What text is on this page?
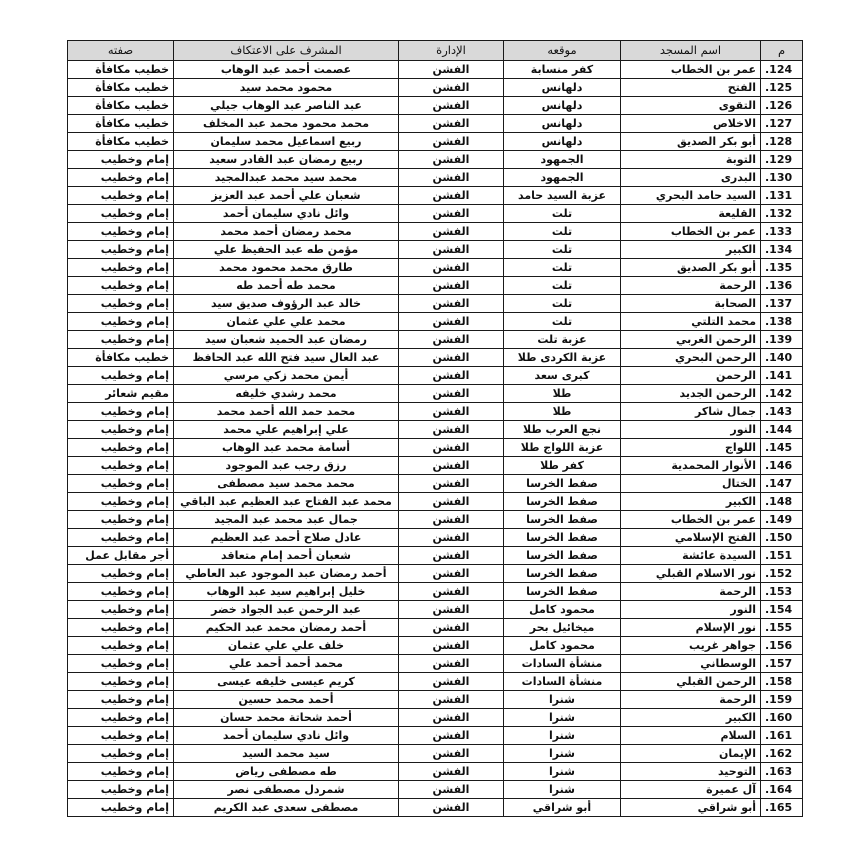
م	اسم المسجد	موقعه	الإدارة	المشرف على الاعتكاف	صفته
.124	عمر بن الخطاب	كفر منسابة	الفشن	عصمت أحمد عبد الوهاب	خطيب مكافأة
.125	الفتح	دلهانس	الفشن	محمود محمد سيد	خطيب مكافأة
.126	التقوى	دلهانس	الفشن	عبد الناصر عبد الوهاب جيلي	خطيب مكافأة
.127	الاخلاص	دلهانس	الفشن	محمد محمود محمد عبد المخلف	خطيب مكافأة
.128	أبو بكر الصديق	دلهانس	الفشن	ربيع اسماعيل محمد سليمان	خطيب مكافأة
.129	التوبة	الجمهود	الفشن	ربيع رمضان عبد القادر سعيد	إمام وخطيب
.130	البدرى	الجمهود	الفشن	محمد سيد محمد عبدالمجيد	إمام وخطيب
.131	السيد حامد البحري	عزبة السيد حامد	الفشن	شعبان علي أحمد عبد العزيز	إمام وخطيب
.132	القليعة	تلت	الفشن	وائل نادي سليمان أحمد	إمام وخطيب
.133	عمر بن الخطاب	تلت	الفشن	محمد رمضان أحمد محمد	إمام وخطيب
.134	الكبير	تلت	الفشن	مؤمن طه عبد الحفيظ علي	إمام وخطيب
.135	أبو بكر الصديق	تلت	الفشن	طارق محمد محمود محمد	إمام وخطيب
.136	الرحمة	تلت	الفشن	محمد طه أحمد طه	إمام وخطيب
.137	الصحابة	تلت	الفشن	خالد عبد الرؤوف صديق سيد	إمام وخطيب
.138	محمد التلتي	تلت	الفشن	محمد علي علي عثمان	إمام وخطيب
.139	الرحمن الغربي	عزبة تلت	الفشن	رمضان عبد الحميد شعبان سيد	إمام وخطيب
.140	الرحمن البحري	عزبة الكردى طلا	الفشن	عبد العال سيد فتح الله عبد الحافظ	خطيب مكافأة
.141	الرحمن	كبرى سعد	الفشن	أيمن محمد زكي مرسي	إمام وخطيب
.142	الرحمن الجديد	طلا	الفشن	محمد رشدي خليفه	مقيم شعائر
.143	جمال شاكر	طلا	الفشن	محمد حمد الله أحمد محمد	إمام وخطيب
.144	النور	نجع العرب طلا	الفشن	علي إبراهيم علي محمد	إمام وخطيب
.145	اللواج	عزبة اللواج طلا	الفشن	أسامة محمد عبد الوهاب	إمام وخطيب
.146	الأنوار المحمدية	كفر طلا	الفشن	رزق رجب عبد الموجود	إمام وخطيب
.147	الختال	صفط الخرسا	الفشن	محمد محمد سيد مصطفى	إمام وخطيب
.148	الكبير	صفط الخرسا	الفشن	محمد عبد الفتاح عبد العظيم عبد الباقي	إمام وخطيب
.149	عمر بن الخطاب	صفط الخرسا	الفشن	جمال عبد محمد عبد المجيد	إمام وخطيب
.150	الفتح الإسلامي	صفط الخرسا	الفشن	عادل صلاح أحمد عبد العظيم	إمام وخطيب
.151	السيدة عائشة	صفط الخرسا	الفشن	شعبان أحمد إمام متعاقد	أجر مقابل عمل
.152	نور الاسلام القبلي	صفط الخرسا	الفشن	أحمد رمضان عبد الموجود عبد العاطي	إمام وخطيب
.153	الرحمة	صفط الخرسا	الفشن	خليل إبراهيم سيد عبد الوهاب	إمام وخطيب
.154	النور	محمود كامل	الفشن	عبد الرحمن عبد الجواد خضر	إمام وخطيب
.155	نور الإسلام	ميخائيل بحر	الفشن	أحمد رمضان محمد عبد الحكيم	إمام وخطيب
.156	جواهر غريب	محمود كامل	الفشن	خلف علي علي عثمان	إمام وخطيب
.157	الوسطاني	منشأة السادات	الفشن	محمد أحمد أحمد علي	إمام وخطيب
.158	الرحمن القبلي	منشأة السادات	الفشن	كريم عيسى خليفه عيسى	إمام وخطيب
.159	الرحمة	شنرا	الفشن	أحمد محمد حسين	إمام وخطيب
.160	الكبير	شنرا	الفشن	أحمد شحاتة محمد حسان	إمام وخطيب
.161	السلام	شنرا	الفشن	وائل نادي سليمان أحمد	إمام وخطيب
.162	الإيمان	شنرا	الفشن	سيد محمد السيد	إمام وخطيب
.163	التوحيد	شنرا	الفشن	طه مصطفى رياض	إمام وخطيب
.164	آل عميرة	شنرا	الفشن	شمردل مصطفى نصر	إمام وخطيب
.165	أبو شراقي	أبو شراقي	الفشن	مصطفى سعدى عبد الكريم	إمام وخطيب
